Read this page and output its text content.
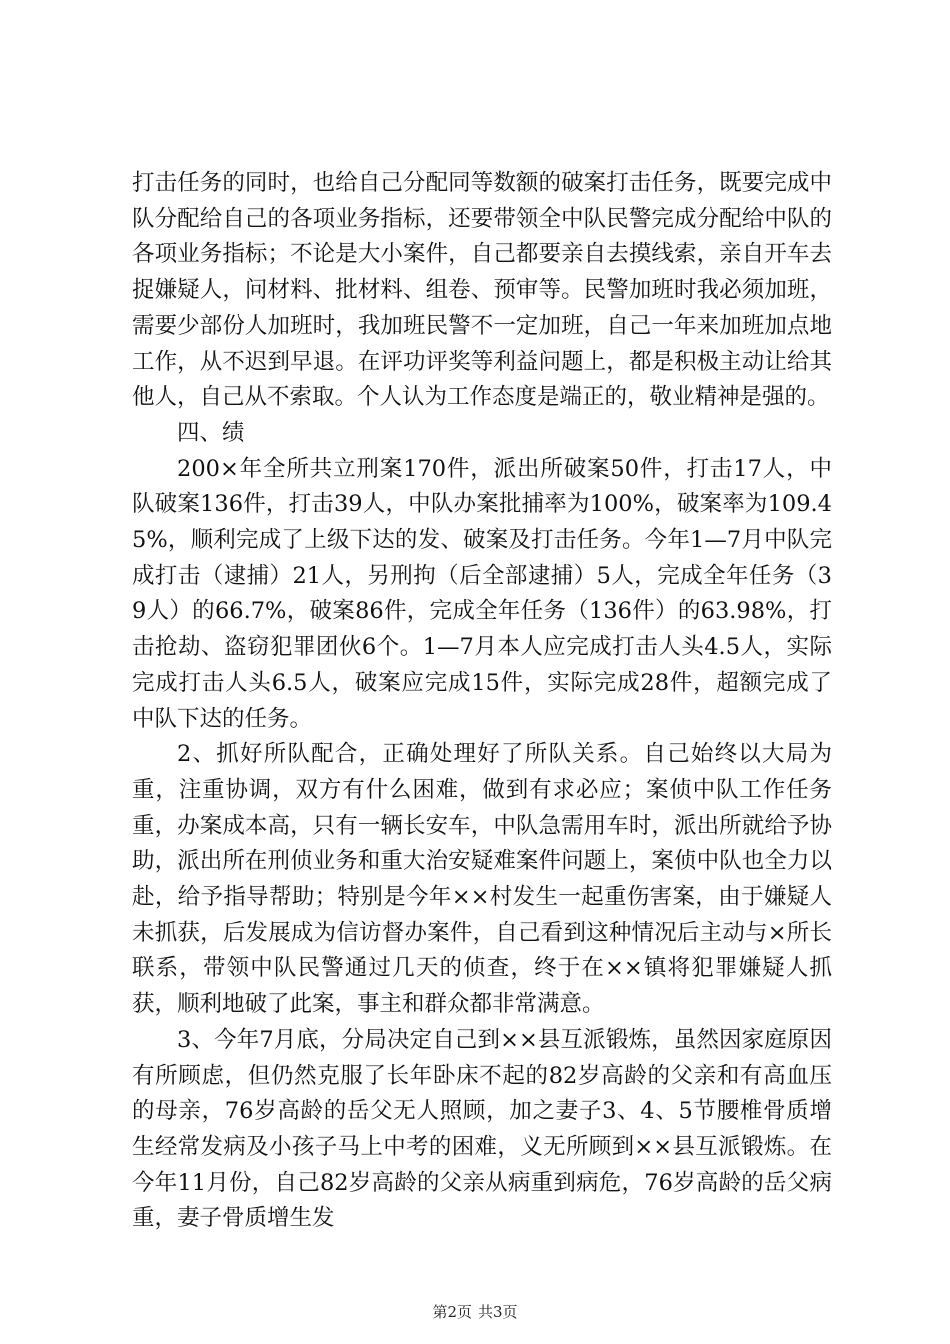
打击任务的同时，也给自己分配同等数额的破案打击任务，既要完成中队分配给自己的各项业务指标，还要带领全中队民警完成分配给中队的各项业务指标；不论是大小案件，自己都要亲自去摸线索，亲自开车去捉嫌疑人，问材料、批材料、组卷、预审等。民警加班时我必须加班，需要少部份人加班时，我加班民警不一定加班，自己一年来加班加点地工作，从不迟到早退。在评功评奖等利益问题上，都是积极主动让给其他人，自己从不索取。个人认为工作态度是端正的，敬业精神是强的。

四、绩

200×年全所共立刑案170件，派出所破案50件，打击17人，中队破案136件，打击39人，中队办案批捕率为100%，破案率为109.45%，顺利完成了上级下达的发、破案及打击任务。今年1—7月中队完成打击（逮捕）21人，另刑拘（后全部逮捕）5人，完成全年任务（39人）的66.7%，破案86件，完成全年任务（136件）的63.98%，打击抢劫、盗窃犯罪团伙6个。1—7月本人应完成打击人头4.5人，实际完成打击人头6.5人，破案应完成15件，实际完成28件，超额完成了中队下达的任务。

2、抓好所队配合，正确处理好了所队关系。自己始终以大局为重，注重协调，双方有什么困难，做到有求必应；案侦中队工作任务重，办案成本高，只有一辆长安车，中队急需用车时，派出所就给予协助，派出所在刑侦业务和重大治安疑难案件问题上，案侦中队也全力以赴，给予指导帮助；特别是今年××村发生一起重伤害案，由于嫌疑人未抓获，后发展成为信访督办案件，自己看到这种情况后主动与×所长联系，带领中队民警通过几天的侦查，终于在××镇将犯罪嫌疑人抓获，顺利地破了此案，事主和群众都非常满意。

3、今年7月底，分局决定自己到××县互派锻炼，虽然因家庭原因有所顾虑，但仍然克服了长年卧床不起的82岁高龄的父亲和有高血压的母亲，76岁高龄的岳父无人照顾，加之妻子3、4、5节腰椎骨质增生经常发病及小孩子马上中考的困难，义无所顾到××县互派锻炼。在今年11月份，自己82岁高龄的父亲从病重到病危，76岁高龄的岳父病重，妻子骨质增生发

第2页 共3页
